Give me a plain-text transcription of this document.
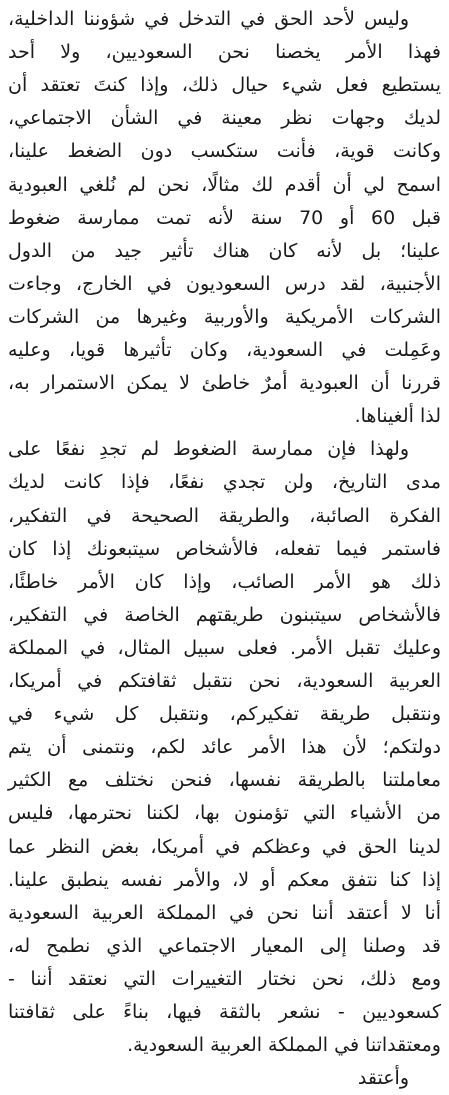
وليس لأحد الحق في التدخل في شؤوننا الداخلية،
فهذا الأمر يخصنا نحن السعوديين، ولا أحد
يستطيع فعل شيء حيال ذلك، وإذا كنتَ تعتقد أن
لديك وجهات نظر معينة في الشأن الاجتماعي،
وكانت قوية، فأنت ستكسب دون الضغط علينا،
اسمح لي أن أقدم لك مثالًا، نحن لم نُلغي العبودية
قبل 60 أو 70 سنة لأنه تمت ممارسة ضغوط
علينا؛ بل لأنه كان هناك تأثير جيد من الدول
الأجنبية، لقد درس السعوديون في الخارج، وجاءت
الشركات الأمريكية والأوربية وغيرها من الشركات
وعَمِلت في السعودية، وكان تأثيرها قويا، وعليه
قررنا أن العبودية أمرٌ خاطئ لا يمكن الاستمرار به،
لذا ألغيناها.
ولهذا فإن ممارسة الضغوط لم تجدِ نفعًا على
مدى التاريخ، ولن تجدي نفعًا، فإذا كانت لديك
الفكرة الصائبة، والطريقة الصحيحة في التفكير،
فاستمر فيما تفعله، فالأشخاص سيتبعونك إذا كان
ذلك هو الأمر الصائب، وإذا كان الأمر خاطئًا،
فالأشخاص سيتبنون طريقتهم الخاصة في التفكير،
وعليك تقبل الأمر. فعلى سبيل المثال، في المملكة
العربية السعودية، نحن نتقبل ثقافتكم في أمريكا،
ونتقبل طريقة تفكيركم، ونتقبل كل شيء في
دولتكم؛ لأن هذا الأمر عائد لكم، ونتمنى أن يتم
معاملتنا بالطريقة نفسها، فنحن نختلف مع الكثير
من الأشياء التي تؤمنون بها، لكننا نحترمها، فليس
لدينا الحق في وعظكم في أمريكا، بغض النظر عما
إذا كنا نتفق معكم أو لا، والأمر نفسه ينطبق علينا.
أنا لا أعتقد أننا نحن في المملكة العربية السعودية
قد وصلنا إلى المعيار الاجتماعي الذي نطمح له،
ومع ذلك، نحن نختار التغييرات التي نعتقد أننا -
كسعوديين - نشعر بالثقة فيها، بناءً على ثقافتنا
ومعتقداتنا في المملكة العربية السعودية.
وأعتقد
